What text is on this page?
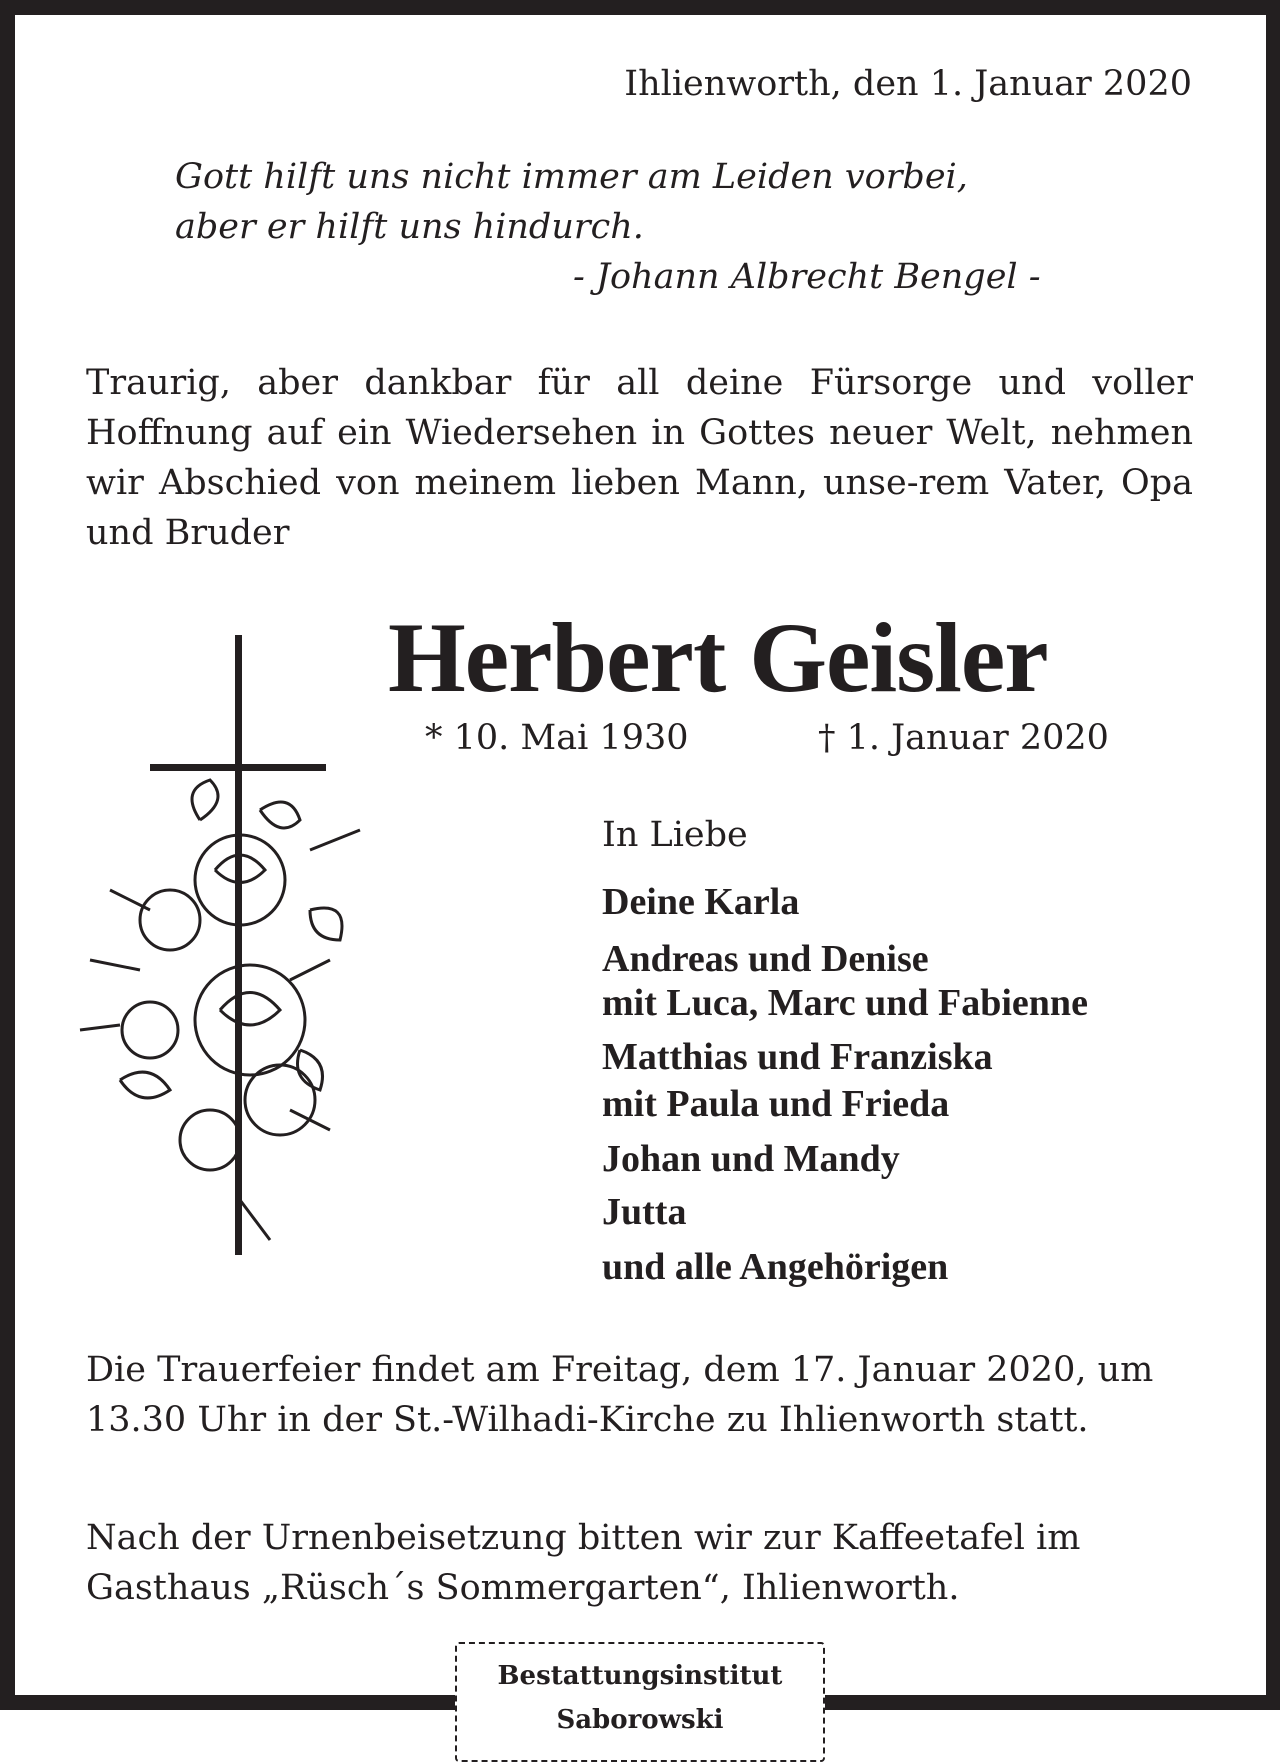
Ihlienworth, den 1. Januar 2020
Gott hilft uns nicht immer am Leiden vorbei,
aber er hilft uns hindurch.
- Johann Albrecht Bengel -
Traurig, aber dankbar für all deine Fürsorge und voller Hoffnung auf ein Wiedersehen in Gottes neuer Welt, nehmen wir Abschied von meinem lieben Mann, unse-rem Vater, Opa und Bruder
Herbert Geisler
* 10. Mai 1930	† 1. Januar 2020
In Liebe
Deine Karla
Andreas und Denise
mit Luca, Marc und Fabienne
Matthias und Franziska
mit Paula und Frieda
Johan und Mandy
Jutta
und alle Angehörigen
Die Trauerfeier findet am Freitag, dem 17. Januar 2020, um 13.30 Uhr in der St.-Wilhadi-Kirche zu Ihlienworth statt.
Nach der Urnenbeisetzung bitten wir zur Kaffeetafel im Gasthaus „Rüsch´s Sommergarten“, Ihlienworth.
Bestattungsinstitut
Saborowski
